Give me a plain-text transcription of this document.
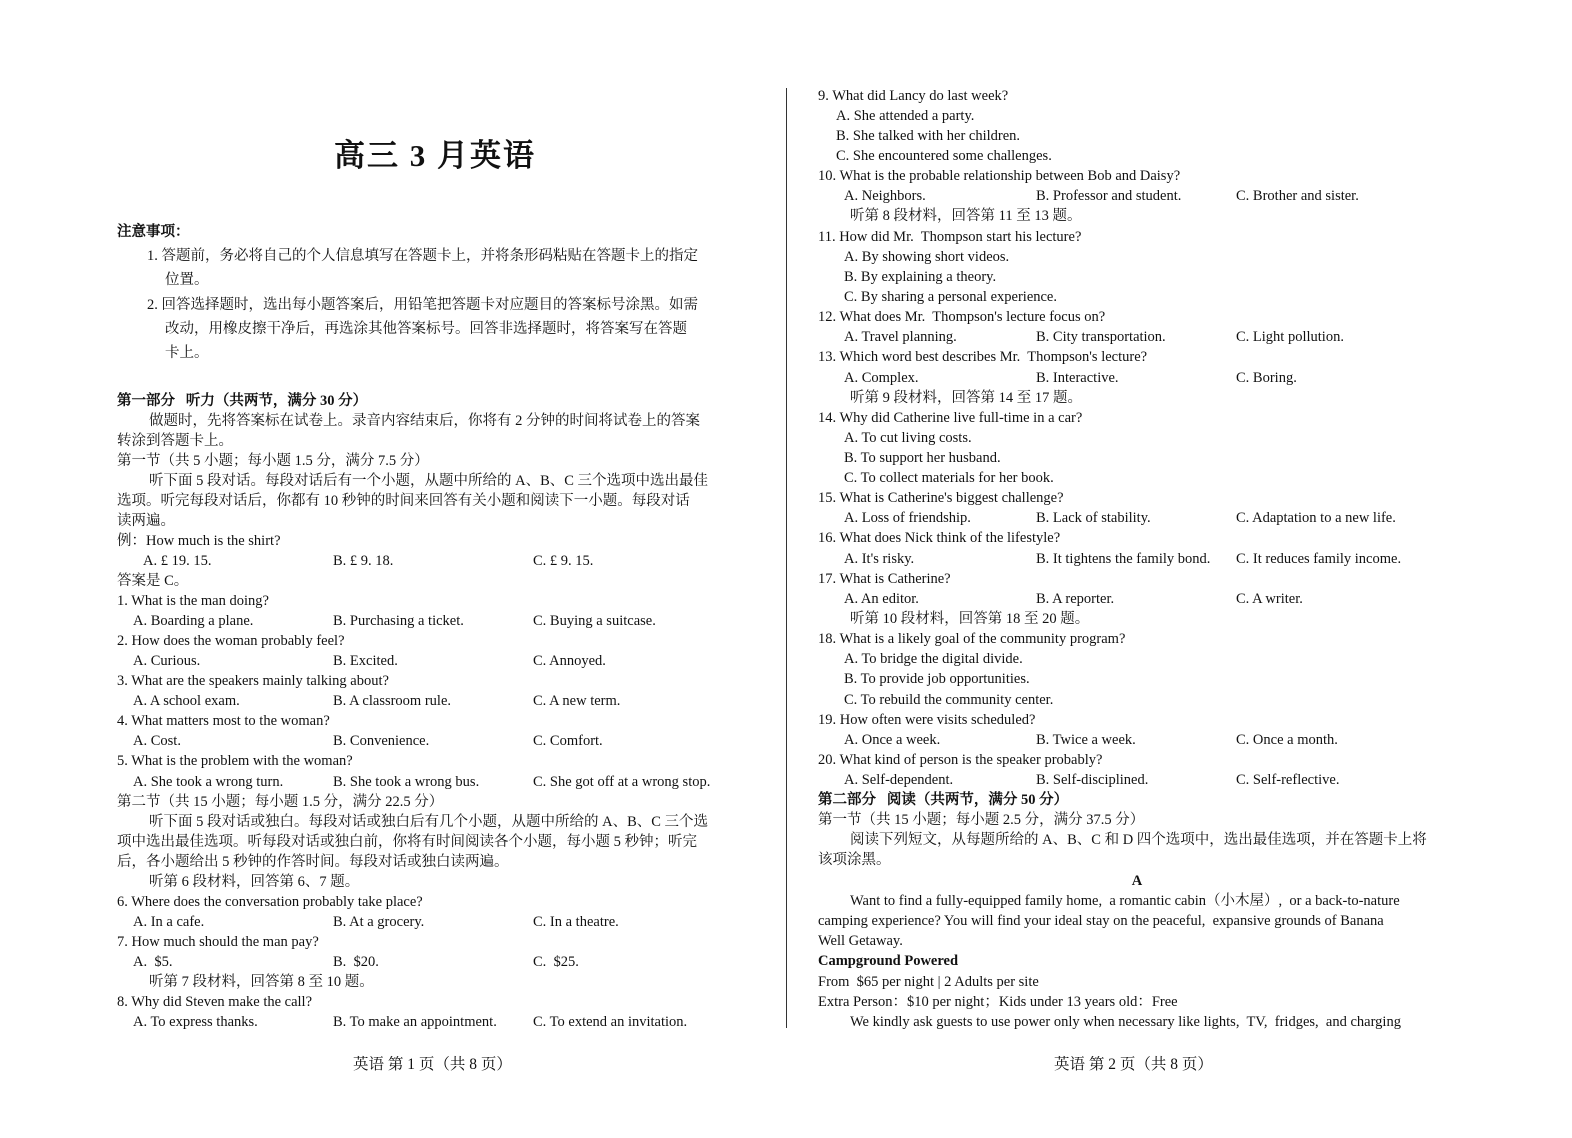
高三 3 月英语
注意事项：
1. 答题前，务必将自己的个人信息填写在答题卡上，并将条形码粘贴在答题卡上的指定
位置。
2. 回答选择题时，选出每小题答案后，用铅笔把答题卡对应题目的答案标号涂黑。如需
改动，用橡皮擦干净后，再选涂其他答案标号。回答非选择题时，将答案写在答题
卡上。
第一部分   听力（共两节，满分 30 分）
做题时，先将答案标在试卷上。录音内容结束后，你将有 2 分钟的时间将试卷上的答案
转涂到答题卡上。
第一节（共 5 小题；每小题 1.5 分，满分 7.5 分）
听下面 5 段对话。每段对话后有一个小题，从题中所给的 A、B、C 三个选项中选出最佳
选项。听完每段对话后，你都有 10 秒钟的时间来回答有关小题和阅读下一小题。每段对话
读两遍。
例：How much is the shirt?
A. £ 19. 15.	B. £ 9. 18.	C. £ 9. 15.
答案是 C。
1. What is the man doing?
A. Boarding a plane.	B. Purchasing a ticket.	C. Buying a suitcase.
2. How does the woman probably feel?
A. Curious.	B. Excited.	C. Annoyed.
3. What are the speakers mainly talking about?
A. A school exam.	B. A classroom rule.	C. A new term.
4. What matters most to the woman?
A. Cost.	B. Convenience.	C. Comfort.
5. What is the problem with the woman?
A. She took a wrong turn.	B. She took a wrong bus.	C. She got off at a wrong stop.
第二节（共 15 小题；每小题 1.5 分，满分 22.5 分）
听下面 5 段对话或独白。每段对话或独白后有几个小题，从题中所给的 A、B、C 三个选
项中选出最佳选项。听每段对话或独白前，你将有时间阅读各个小题，每小题 5 秒钟；听完
后，各小题给出 5 秒钟的作答时间。每段对话或独白读两遍。
听第 6 段材料，回答第 6、7 题。
6. Where does the conversation probably take place?
A. In a cafe.	B. At a grocery.	C. In a theatre.
7. How much should the man pay?
A.  $5.	B.  $20.	C.  $25.
听第 7 段材料，回答第 8 至 10 题。
8. Why did Steven make the call?
A. To express thanks.	B. To make an appointment. C. To extend an invitation.
英语 第 1 页（共 8 页）
9. What did Lancy do last week?
A. She attended a party.
B. She talked with her children.
C. She encountered some challenges.
10. What is the probable relationship between Bob and Daisy?
A. Neighbors.	B. Professor and student.	C. Brother and sister.
听第 8 段材料，回答第 11 至 13 题。
11. How did Mr.  Thompson start his lecture?
A. By showing short videos.
B. By explaining a theory.
C. By sharing a personal experience.
12. What does Mr.  Thompson's lecture focus on?
A. Travel planning.	B. City transportation.	C. Light pollution.
13. Which word best describes Mr.  Thompson's lecture?
A. Complex.	B. Interactive.	C. Boring.
听第 9 段材料，回答第 14 至 17 题。
14. Why did Catherine live full-time in a car?
A. To cut living costs.
B. To support her husband.
C. To collect materials for her book.
15. What is Catherine's biggest challenge?
A. Loss of friendship.	B. Lack of stability.	C. Adaptation to a new life.
16. What does Nick think of the lifestyle?
A. It's risky.	B. It tightens the family bond. C. It reduces family income.
17. What is Catherine?
A. An editor.	B. A reporter.	C. A writer.
听第 10 段材料，回答第 18 至 20 题。
18. What is a likely goal of the community program?
A. To bridge the digital divide.
B. To provide job opportunities.
C. To rebuild the community center.
19. How often were visits scheduled?
A. Once a week.	B. Twice a week.	C. Once a month.
20. What kind of person is the speaker probably?
A. Self-dependent.	B. Self-disciplined.	C. Self-reflective.
第二部分   阅读（共两节，满分 50 分）
第一节（共 15 小题；每小题 2.5 分，满分 37.5 分）
阅读下列短文，从每题所给的 A、B、C 和 D 四个选项中，选出最佳选项，并在答题卡上将
该项涂黑。
A
Want to find a fully-equipped family home,  a romantic cabin（小木屋）,  or a back-to-nature
camping experience? You will find your ideal stay on the peaceful,  expansive grounds of Banana
Well Getaway.
Campground Powered
From  $65 per night | 2 Adults per site
Extra Person：$10 per night；Kids under 13 years old：Free
We kindly ask guests to use power only when necessary like lights,  TV,  fridges,  and charging
英语 第 2 页（共 8 页）
